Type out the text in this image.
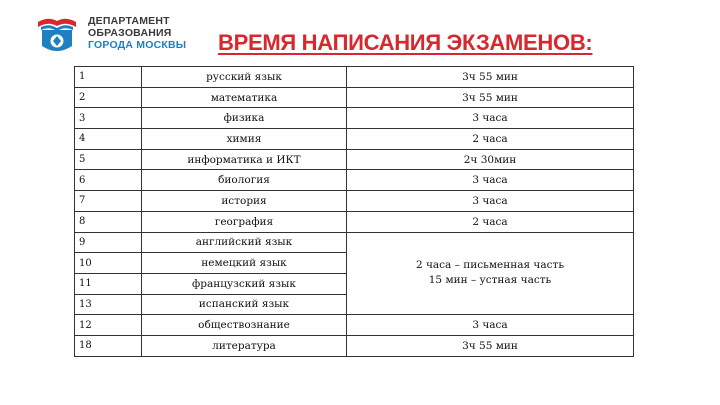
ДЕПАРТАМЕНТ
ОБРАЗОВАНИЯ
ГОРОДА МОСКВЫ ВРЕМЯ НАПИСАНИЯ ЭКЗАМЕНОВ:
1	русский язык	3ч 55 мин
2	математика	3ч 55 мин
3	физика	3 часа
4	химия	2 часа
5	информатика и ИКТ	2ч 30мин
6	биология	3 часа
7	история	3 часа
8	география	2 часа
9	английский язык	2 часа – письменная часть
15 мин – устная часть

10	немецкий язык	
11	французский язык	
13	испанский язык	
12	обществознание	3 часа
18	литература	3ч 55 мин
